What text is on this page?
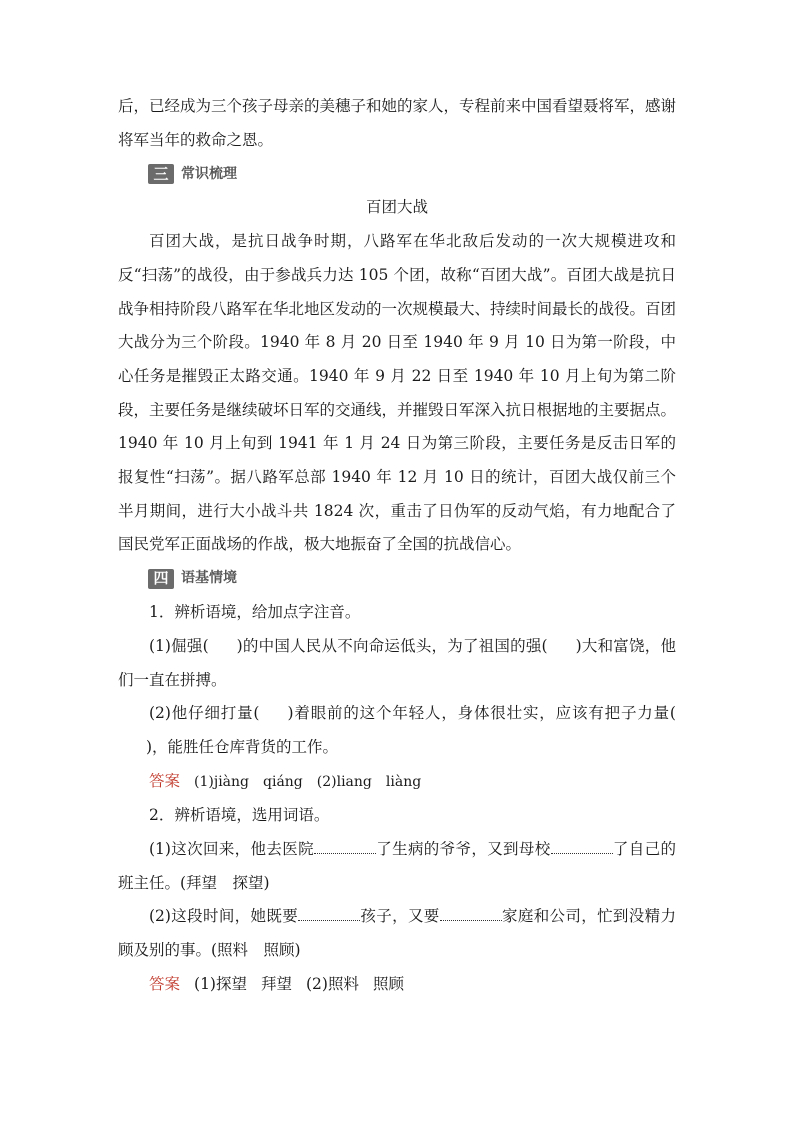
后，已经成为三个孩子母亲的美穗子和她的家人，专程前来中国看望聂将军，感谢将军当年的救命之恩。

三 常识梳理

百团大战

百团大战，是抗日战争时期，八路军在华北敌后发动的一次大规模进攻和反“扫荡”的战役，由于参战兵力达 105 个团，故称“百团大战”。百团大战是抗日战争相持阶段八路军在华北地区发动的一次规模最大、持续时间最长的战役。百团大战分为三个阶段。1940 年 8 月 20 日至 1940 年 9 月 10 日为第一阶段，中心任务是摧毁正太路交通。1940 年 9 月 22 日至 1940 年 10 月上旬为第二阶段，主要任务是继续破坏日军的交通线，并摧毁日军深入抗日根据地的主要据点。1940 年 10 月上旬到 1941 年 1 月 24 日为第三阶段，主要任务是反击日军的报复性“扫荡”。据八路军总部 1940 年 12 月 10 日的统计，百团大战仅前三个半月期间，进行大小战斗共 1824 次，重击了日伪军的反动气焰，有力地配合了国民党军正面战场的作战，极大地振奋了全国的抗战信心。

四 语基情境

1．辨析语境，给加点字注音。

(1)倔强( )的中国人民从不向命运低头，为了祖国的强( )大和富饶，他们一直在拼搏。

(2)他仔细打量( )着眼前的这个年轻人，身体很壮实，应该有把子力量()，能胜任仓库背货的工作。

答案 (1)jiàng qiáng (2)liang liàng

2．辨析语境，选用词语。

(1)这次回来，他去医院	了生病的爷爷，又到母校	了自己的班主任。(拜望　探望)

(2)这段时间，她既要	孩子，又要	家庭和公司，忙到没精力顾及别的事。(照料　照顾)

答案 (1)探望 拜望 (2)照料 照顾
